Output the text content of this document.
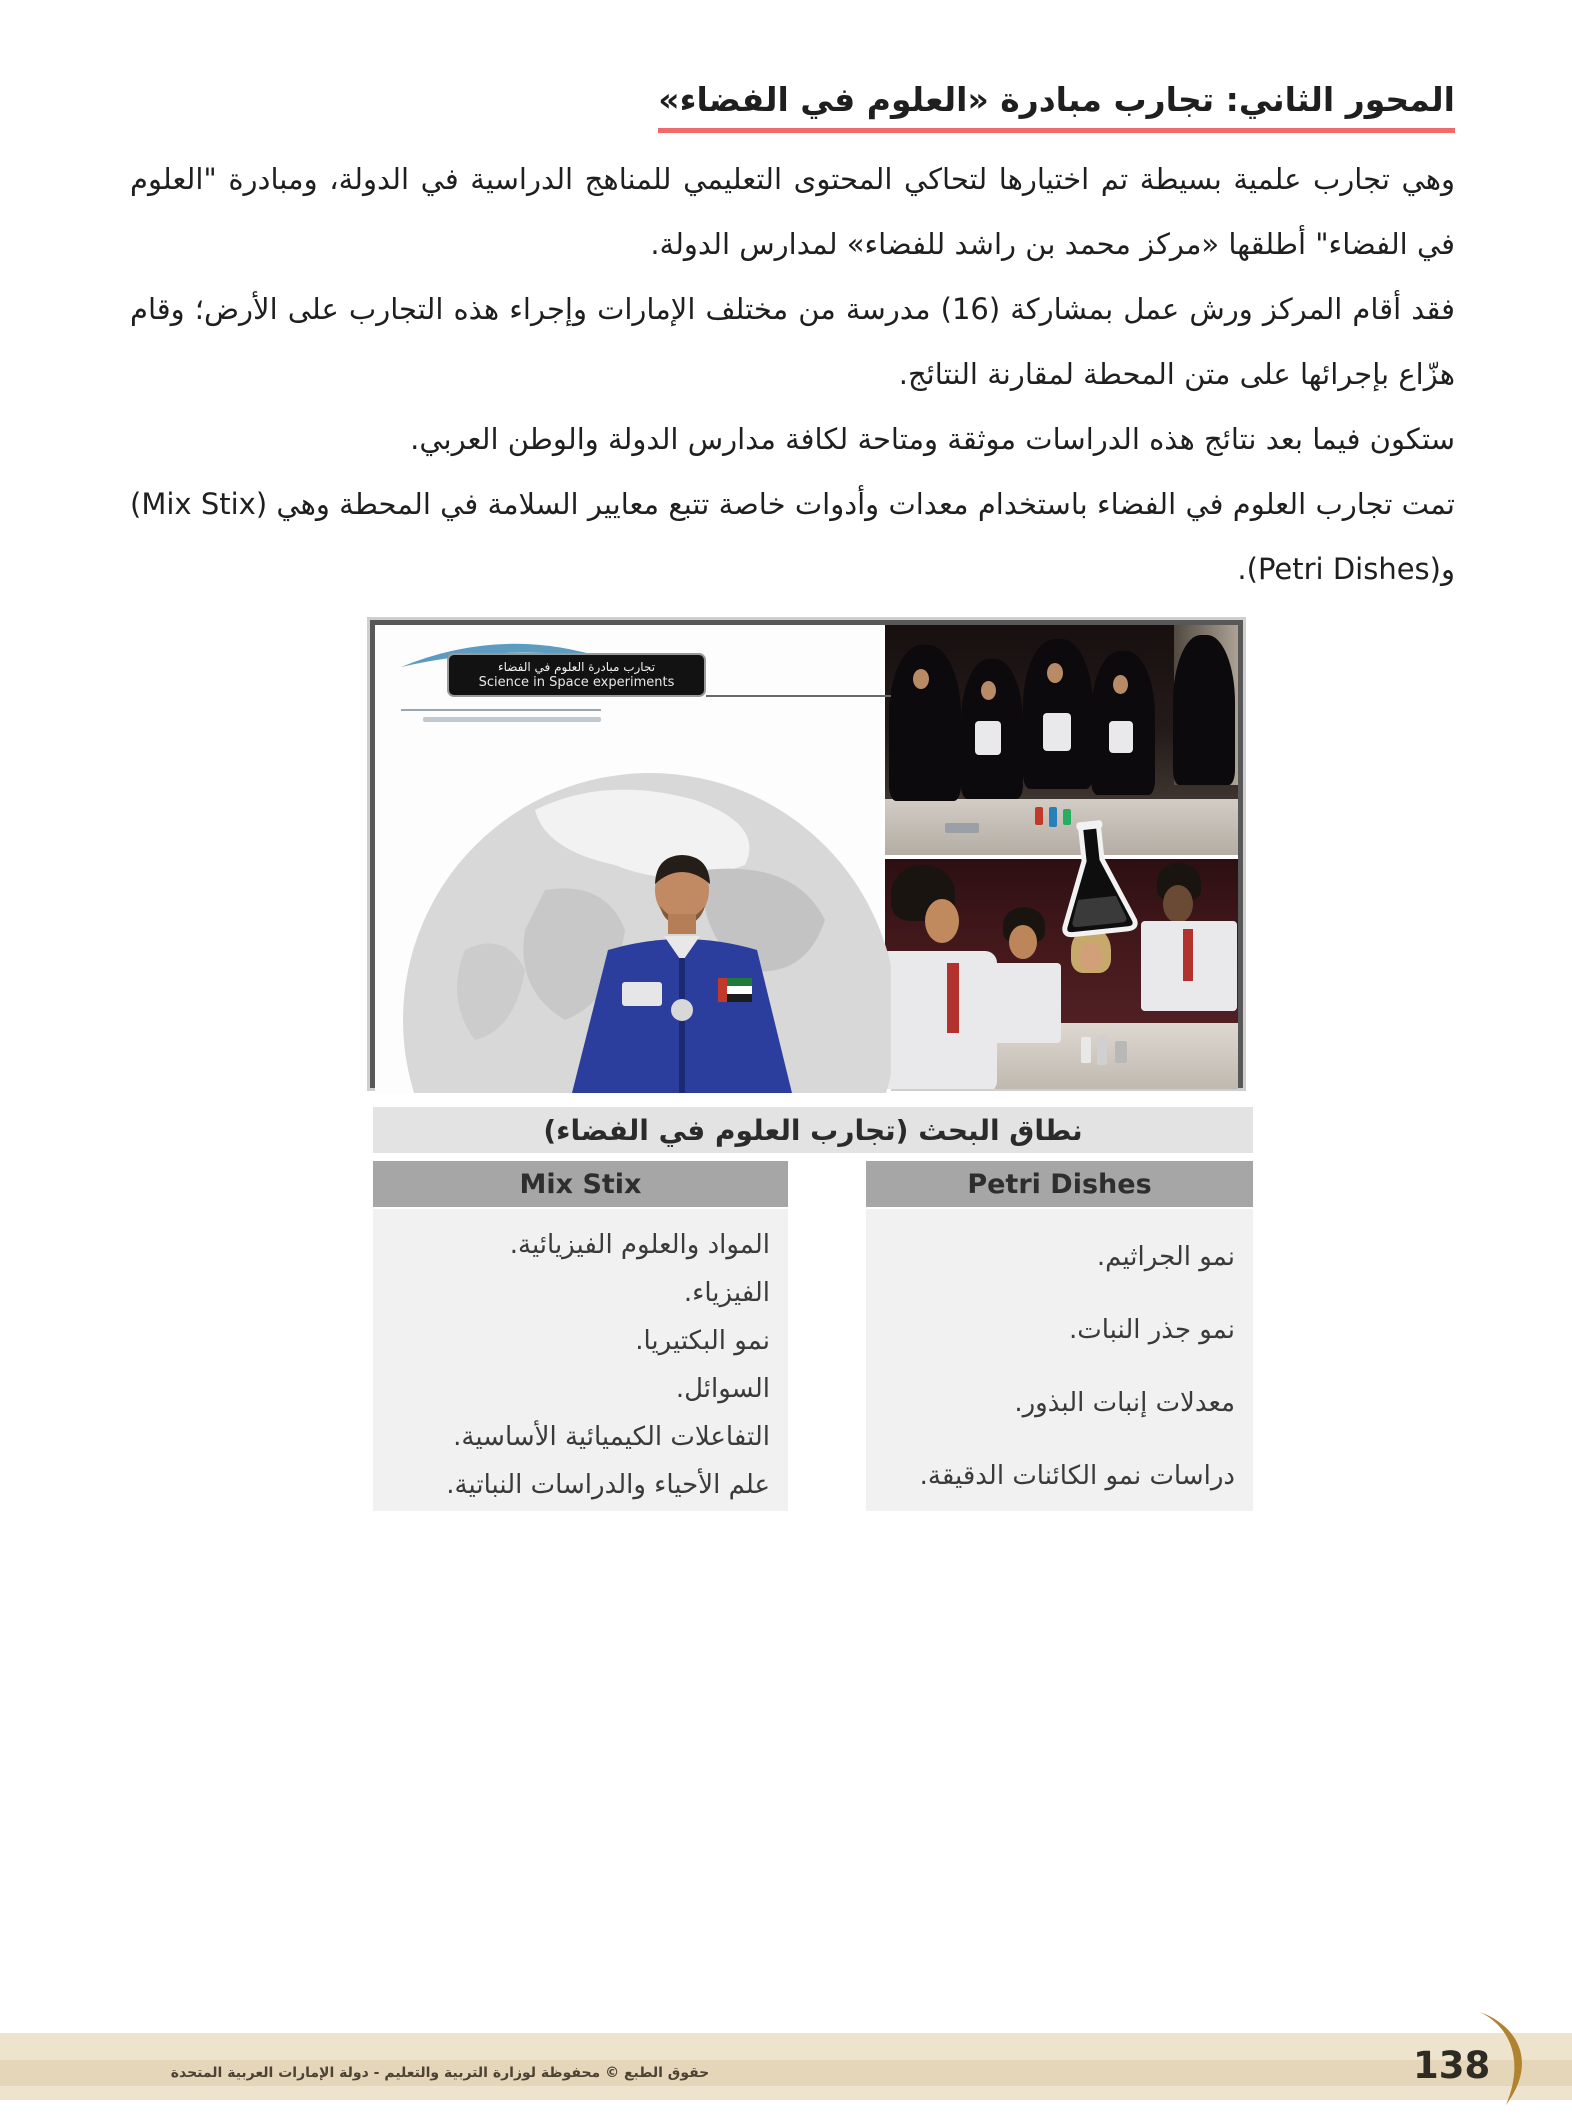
المحور الثاني: تجارب مبادرة «العلوم في الفضاء»

وهي تجارب علمية بسيطة تم اختيارها لتحاكي المحتوى التعليمي للمناهج الدراسية في الدولة، ومبادرة "العلوم في الفضاء" أطلقها «مركز محمد بن راشد للفضاء» لمدارس الدولة.

فقد أقام المركز ورش عمل بمشاركة (16) مدرسة من مختلف الإمارات وإجراء هذه التجارب على الأرض؛ وقام هزّاع بإجرائها على متن المحطة لمقارنة النتائج.

ستكون فيما بعد نتائج هذه الدراسات موثقة ومتاحة لكافة مدارس الدولة والوطن العربي.

تمت تجارب العلوم في الفضاء باستخدام معدات وأدوات خاصة تتبع معايير السلامة في المحطة وهي (Mix Stix) و(Petri Dishes).

تجارب مبادرة العلوم في الفضاء
Science in Space experiments
نطاق البحث (تجارب العلوم في الفضاء)
Mix Stix
المواد والعلوم الفيزيائية.
الفيزياء.
نمو البكتيريا.
السوائل.
التفاعلات الكيميائية الأساسية.
علم الأحياء والدراسات النباتية.
Petri Dishes
نمو الجراثيم.
نمو جذر النبات.
معدلات إنبات البذور.
دراسات نمو الكائنات الدقيقة.
حقوق الطبع © محفوظة لوزارة التربية والتعليم - دولة الإمارات العربية المتحدة	138
